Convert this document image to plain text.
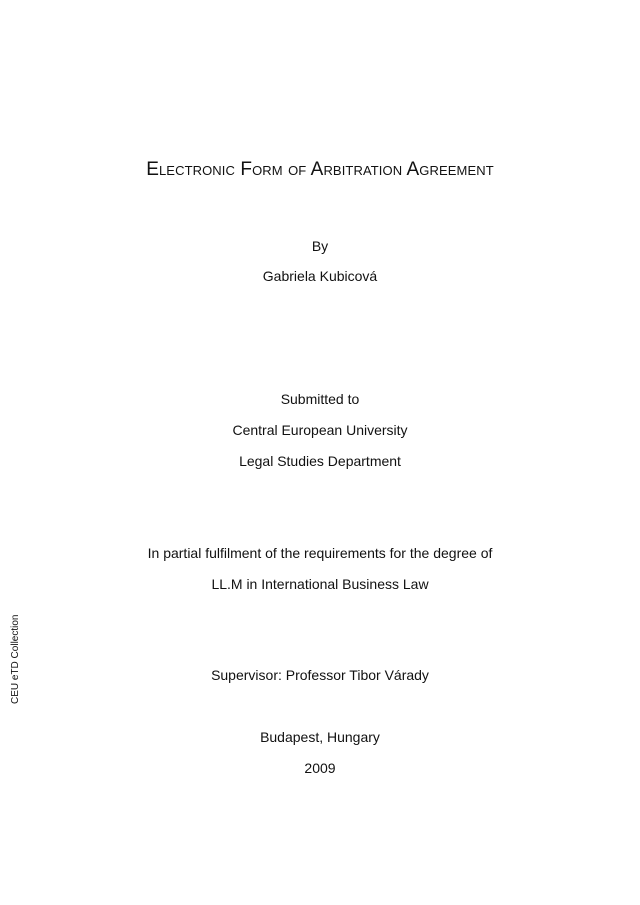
Electronic Form of Arbitration Agreement
By
Gabriela Kubicová
Submitted to
Central European University
Legal Studies Department
In partial fulfilment of the requirements for the degree of
LL.M in International Business Law
Supervisor: Professor Tibor Várady
Budapest, Hungary
2009
CEU eTD Collection
